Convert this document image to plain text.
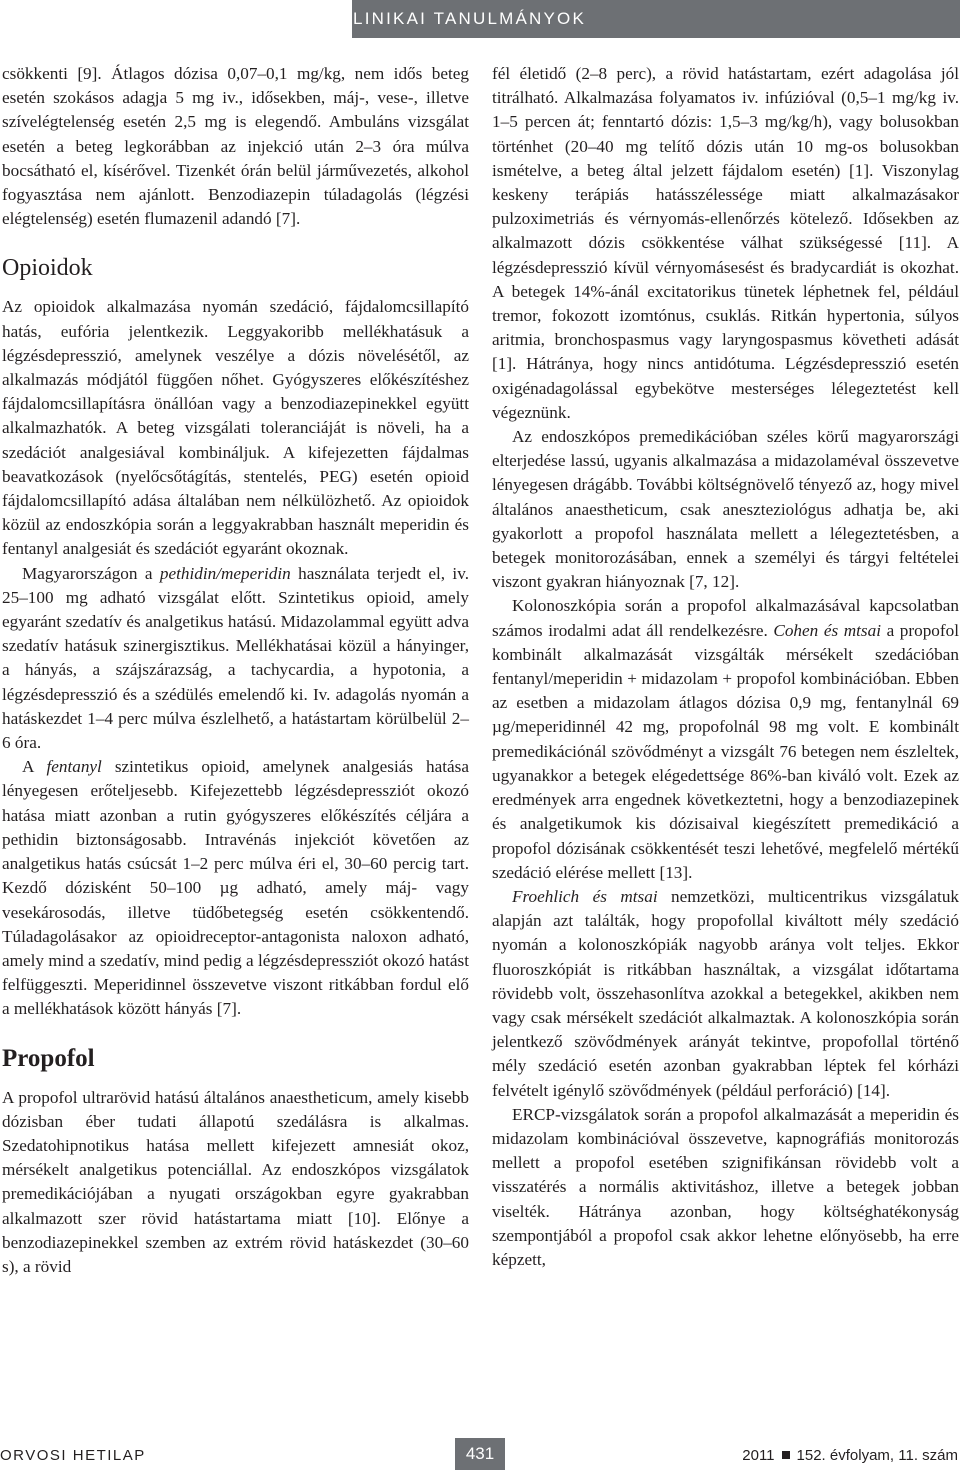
KLINIKAI TANULMÁNYOK

csökkenti [9]. Átlagos dózisa 0,07–0,1 mg/kg, nem idős beteg esetén szokásos adagja 5 mg iv., idősekben, máj-, vese-, illetve szívelégtelenség esetén 2,5 mg is elegendő. Ambuláns vizsgálat esetén a beteg legkorábban az injekció után 2–3 óra múlva bocsátható el, kísérővel. Tizenkét órán belül járművezetés, alkohol fogyasztása nem ajánlott. Benzodiazepin túladagolás (légzési elégtelenség) esetén flumazenil adandó [7].

Opioidok

Az opioidok alkalmazása nyomán szedáció, fájdalomcsillapító hatás, eufória jelentkezik. Leggyakoribb mellékhatásuk a légzésdepresszió, amelynek veszélye a dózis növelésétől, az alkalmazás módjától függően nőhet. Gyógyszeres előkészítéshez fájdalomcsillapításra önállóan vagy a benzodiazepinekkel együtt alkalmazhatók. A beteg vizsgálati toleranciáját is növeli, ha a szedációt analgesiával kombináljuk. A kifejezetten fájdalmas beavatkozások (nyelőcsőtágítás, stentelés, PEG) esetén opioid fájdalomcsillapító adása általában nem nélkülözhető. Az opioidok közül az endoszkópia során a leggyakrabban használt meperidin és fentanyl analgesiát és szedációt egyaránt okoznak.

Magyarországon a pethidin/meperidin használata terjedt el, iv. 25–100 mg adható vizsgálat előtt. Szintetikus opioid, amely egyaránt szedatív és analgetikus hatású. Midazolammal együtt adva szedatív hatásuk szinergisztikus. Mellékhatásai közül a hányinger, a hányás, a szájszárazság, a tachycardia, a hypotonia, a légzésdepresszió és a szédülés emelendő ki. Iv. adagolás nyomán a hatáskezdet 1–4 perc múlva észlelhető, a hatástartam körülbelül 2–6 óra.

A fentanyl szintetikus opioid, amelynek analgesiás hatása lényegesen erőteljesebb. Kifejezettebb légzésdepressziót okozó hatása miatt azonban a rutin gyógyszeres előkészítés céljára a pethidin biztonságosabb. Intravénás injekciót követően az analgetikus hatás csúcsát 1–2 perc múlva éri el, 30–60 percig tart. Kezdő dózisként 50–100 µg adható, amely máj- vagy vesekárosodás, illetve tüdőbetegség esetén csökkentendő. Túladagolásakor az opioidreceptor-antagonista naloxon adható, amely mind a szedatív, mind pedig a légzésdepressziót okozó hatást felfüggeszti. Meperidinnel összevetve viszont ritkábban fordul elő a mellékhatások között hányás [7].

Propofol

A propofol ultrarövid hatású általános anaestheticum, amely kisebb dózisban éber tudati állapotú szedálásra is alkalmas. Szedatohipnotikus hatása mellett kifejezett amnesiát okoz, mérsékelt analgetikus potenciállal. Az endoszkópos vizsgálatok premedikációjában a nyugati országokban egyre gyakrabban alkalmazott szer rövid hatástartama miatt [10]. Előnye a benzodiazepinekkel szemben az extrém rövid hatáskezdet (30–60 s), a rövid

fél életidő (2–8 perc), a rövid hatástartam, ezért adagolása jól titrálható. Alkalmazása folyamatos iv. infúzióval (0,5–1 mg/kg iv. 1–5 percen át; fenntartó dózis: 1,5–3 mg/kg/h), vagy bolusokban történhet (20–40 mg telítő dózis után 10 mg-os bolusokban ismételve, a beteg által jelzett fájdalom esetén) [1]. Viszonylag keskeny terápiás hatásszélessége miatt alkalmazásakor pulzoximetriás és vérnyomás-ellenőrzés kötelező. Idősekben az alkalmazott dózis csökkentése válhat szükségessé [11]. A légzésdepresszió kívül vérnyomásesést és bradycardiát is okozhat. A betegek 14%-ánál excitatorikus tünetek léphetnek fel, például tremor, fokozott izomtónus, csuklás. Ritkán hypertonia, súlyos aritmia, bronchospasmus vagy laryngospasmus követheti adását [1]. Hátránya, hogy nincs antidótuma. Légzésdepresszió esetén oxigénadagolással egybekötve mesterséges lélegeztetést kell végeznünk.

Az endoszkópos premedikációban széles körű magyarországi elterjedése lassú, ugyanis alkalmazása a midazolaméval összevetve lényegesen drágább. További költségnövelő tényező az, hogy mivel általános anaestheticum, csak aneszteziológus adhatja be, aki gyakorlott a propofol használata mellett a lélegeztetésben, a betegek monitorozásában, ennek a személyi és tárgyi feltételei viszont gyakran hiányoznak [7, 12].

Kolonoszkópia során a propofol alkalmazásával kapcsolatban számos irodalmi adat áll rendelkezésre. Cohen és mtsai a propofol kombinált alkalmazását vizsgálták mérsékelt szedációban fentanyl/meperidin + midazolam + propofol kombinációban. Ebben az esetben a midazolam átlagos dózisa 0,9 mg, fentanylnál 69 µg/meperidinnél 42 mg, propofolnál 98 mg volt. E kombinált premedikációnál szövődményt a vizsgált 76 betegen nem észleltek, ugyanakkor a betegek elégedettsége 86%-ban kiváló volt. Ezek az eredmények arra engednek következtetni, hogy a benzodiazepinek és analgetikumok kis dózisaival kiegészített premedikáció a propofol dózisának csökkentését teszi lehetővé, megfelelő mértékű szedáció elérése mellett [13].

Froehlich és mtsai nemzetközi, multicentrikus vizsgálatuk alapján azt találták, hogy propofollal kiváltott mély szedáció nyomán a kolonoszkópiák nagyobb aránya volt teljes. Ekkor fluoroszkópiát is ritkábban használtak, a vizsgálat időtartama rövidebb volt, összehasonlítva azokkal a betegekkel, akikben nem vagy csak mérsékelt szedációt alkalmaztak. A kolonoszkópia során jelentkező szövődmények arányát tekintve, propofollal történő mély szedáció esetén azonban gyakrabban léptek fel kórházi felvételt igénylő szövődmények (például perforáció) [14].

ERCP-vizsgálatok során a propofol alkalmazását a meperidin és midazolam kombinációval összevetve, kapnográfiás monitorozás mellett a propofol esetében szignifikánsan rövidebb volt a visszatérés a normális aktivitáshoz, illetve a betegek jobban viselték. Hátránya azonban, hogy költséghatékonyság szempontjából a propofol csak akkor lehetne előnyösebb, ha erre képzett,

ORVOSI HETILAP	431	2011 152. évfolyam, 11. szám
